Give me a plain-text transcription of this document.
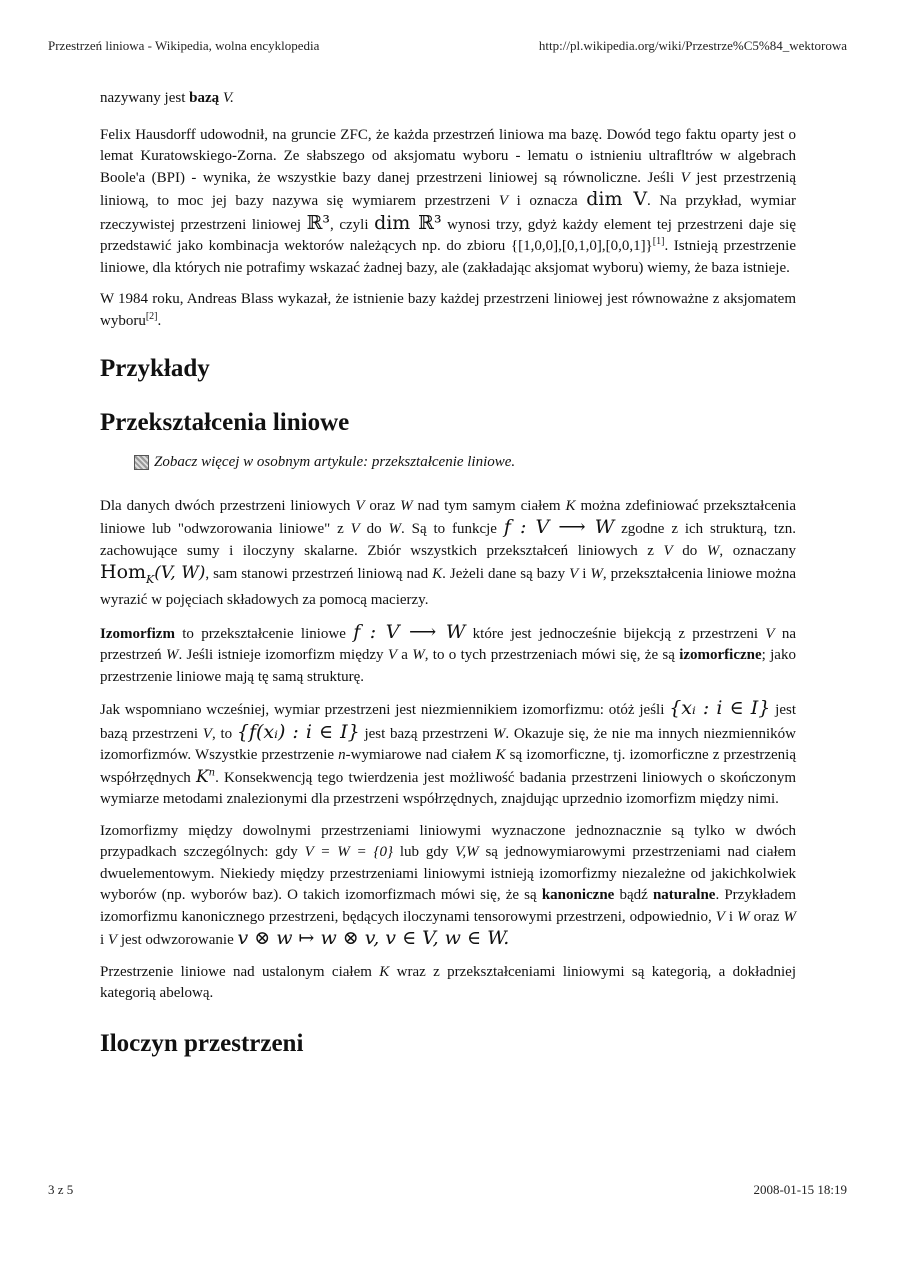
Przestrzeń liniowa - Wikipedia, wolna encyklopedia	http://pl.wikipedia.org/wiki/Przestrze%C5%84_wektorowa

nazywany jest bazą V.

Felix Hausdorff udowodnił, na gruncie ZFC, że każda przestrzeń liniowa ma bazę. Dowód tego faktu oparty jest o lemat Kuratowskiego-Zorna. Ze słabszego od aksjomatu wyboru - lematu o istnieniu ultrafltrów w algebrach Boole'a (BPI) - wynika, że wszystkie bazy danej przestrzeni liniowej są równoliczne. Jeśli V jest przestrzenią liniową, to moc jej bazy nazywa się wymiarem przestrzeni V i oznacza dim V. Na przykład, wymiar rzeczywistej przestrzeni liniowej ℝ³, czyli dim ℝ³ wynosi trzy, gdyż każdy element tej przestrzeni daje się przedstawić jako kombinacja wektorów należących np. do zbioru {[1,0,0],[0,1,0],[0,0,1]}[1]. Istnieją przestrzenie liniowe, dla których nie potrafimy wskazać żadnej bazy, ale (zakładając aksjomat wyboru) wiemy, że baza istnieje.

W 1984 roku, Andreas Blass wykazał, że istnienie bazy każdej przestrzeni liniowej jest równoważne z aksjomatem wyboru[2].

Przykłady
Przekształcenia liniowe
Zobacz więcej w osobnym artykule: przekształcenie liniowe.

Dla danych dwóch przestrzeni liniowych V oraz W nad tym samym ciałem K można zdefiniować przekształcenia liniowe lub "odwzorowania liniowe" z V do W. Są to funkcje f : V ⟶ W zgodne z ich strukturą, tzn. zachowujące sumy i iloczyny skalarne. Zbiór wszystkich przekształceń liniowych z V do W, oznaczany Hom$_K$(V, W), sam stanowi przestrzeń liniową nad K. Jeżeli dane są bazy V i W, przekształcenia liniowe można wyrazić w pojęciach składowych za pomocą macierzy.

Izomorfizm to przekształcenie liniowe f : V ⟶ W które jest jednocześnie bijekcją z przestrzeni V na przestrzeń W. Jeśli istnieje izomorfizm między V a W, to o tych przestrzeniach mówi się, że są izomorficzne; jako przestrzenie liniowe mają tę samą strukturę.

Jak wspomniano wcześniej, wymiar przestrzeni jest niezmiennikiem izomorfizmu: otóż jeśli {xᵢ : i ∈ I} jest bazą przestrzeni V, to {f(xᵢ) : i ∈ I} jest bazą przestrzeni W. Okazuje się, że nie ma innych niezmienników izomorfizmów. Wszystkie przestrzenie n-wymiarowe nad ciałem K są izomorficzne, tj. izomorficzne z przestrzenią współrzędnych $K^n$. Konsekwencją tego twierdzenia jest możliwość badania przestrzeni liniowych o skończonym wymiarze metodami znalezionymi dla przestrzeni współrzędnych, znajdując uprzednio izomorfizm między nimi.

Izomorfizmy między dowolnymi przestrzeniami liniowymi wyznaczone jednoznacznie są tylko w dwóch przypadkach szczególnych: gdy V = W = {0} lub gdy V,W są jednowymiarowymi przestrzeniami nad ciałem dwuelementowym. Niekiedy między przestrzeniami liniowymi istnieją izomorfizmy niezależne od jakichkolwiek wyborów (np. wyborów baz). O takich izomorfizmach mówi się, że są kanoniczne bądź naturalne. Przykładem izomorfizmu kanonicznego przestrzeni, będących iloczynami tensorowymi przestrzeni, odpowiednio, V i W oraz W i V jest odwzorowanie v ⊗ w ↦ w ⊗ v, v ∈ V, w ∈ W.

Przestrzenie liniowe nad ustalonym ciałem K wraz z przekształceniami liniowymi są kategorią, a dokładniej kategorią abelową.

Iloczyn przestrzeni
3 z 5	2008-01-15 18:19
